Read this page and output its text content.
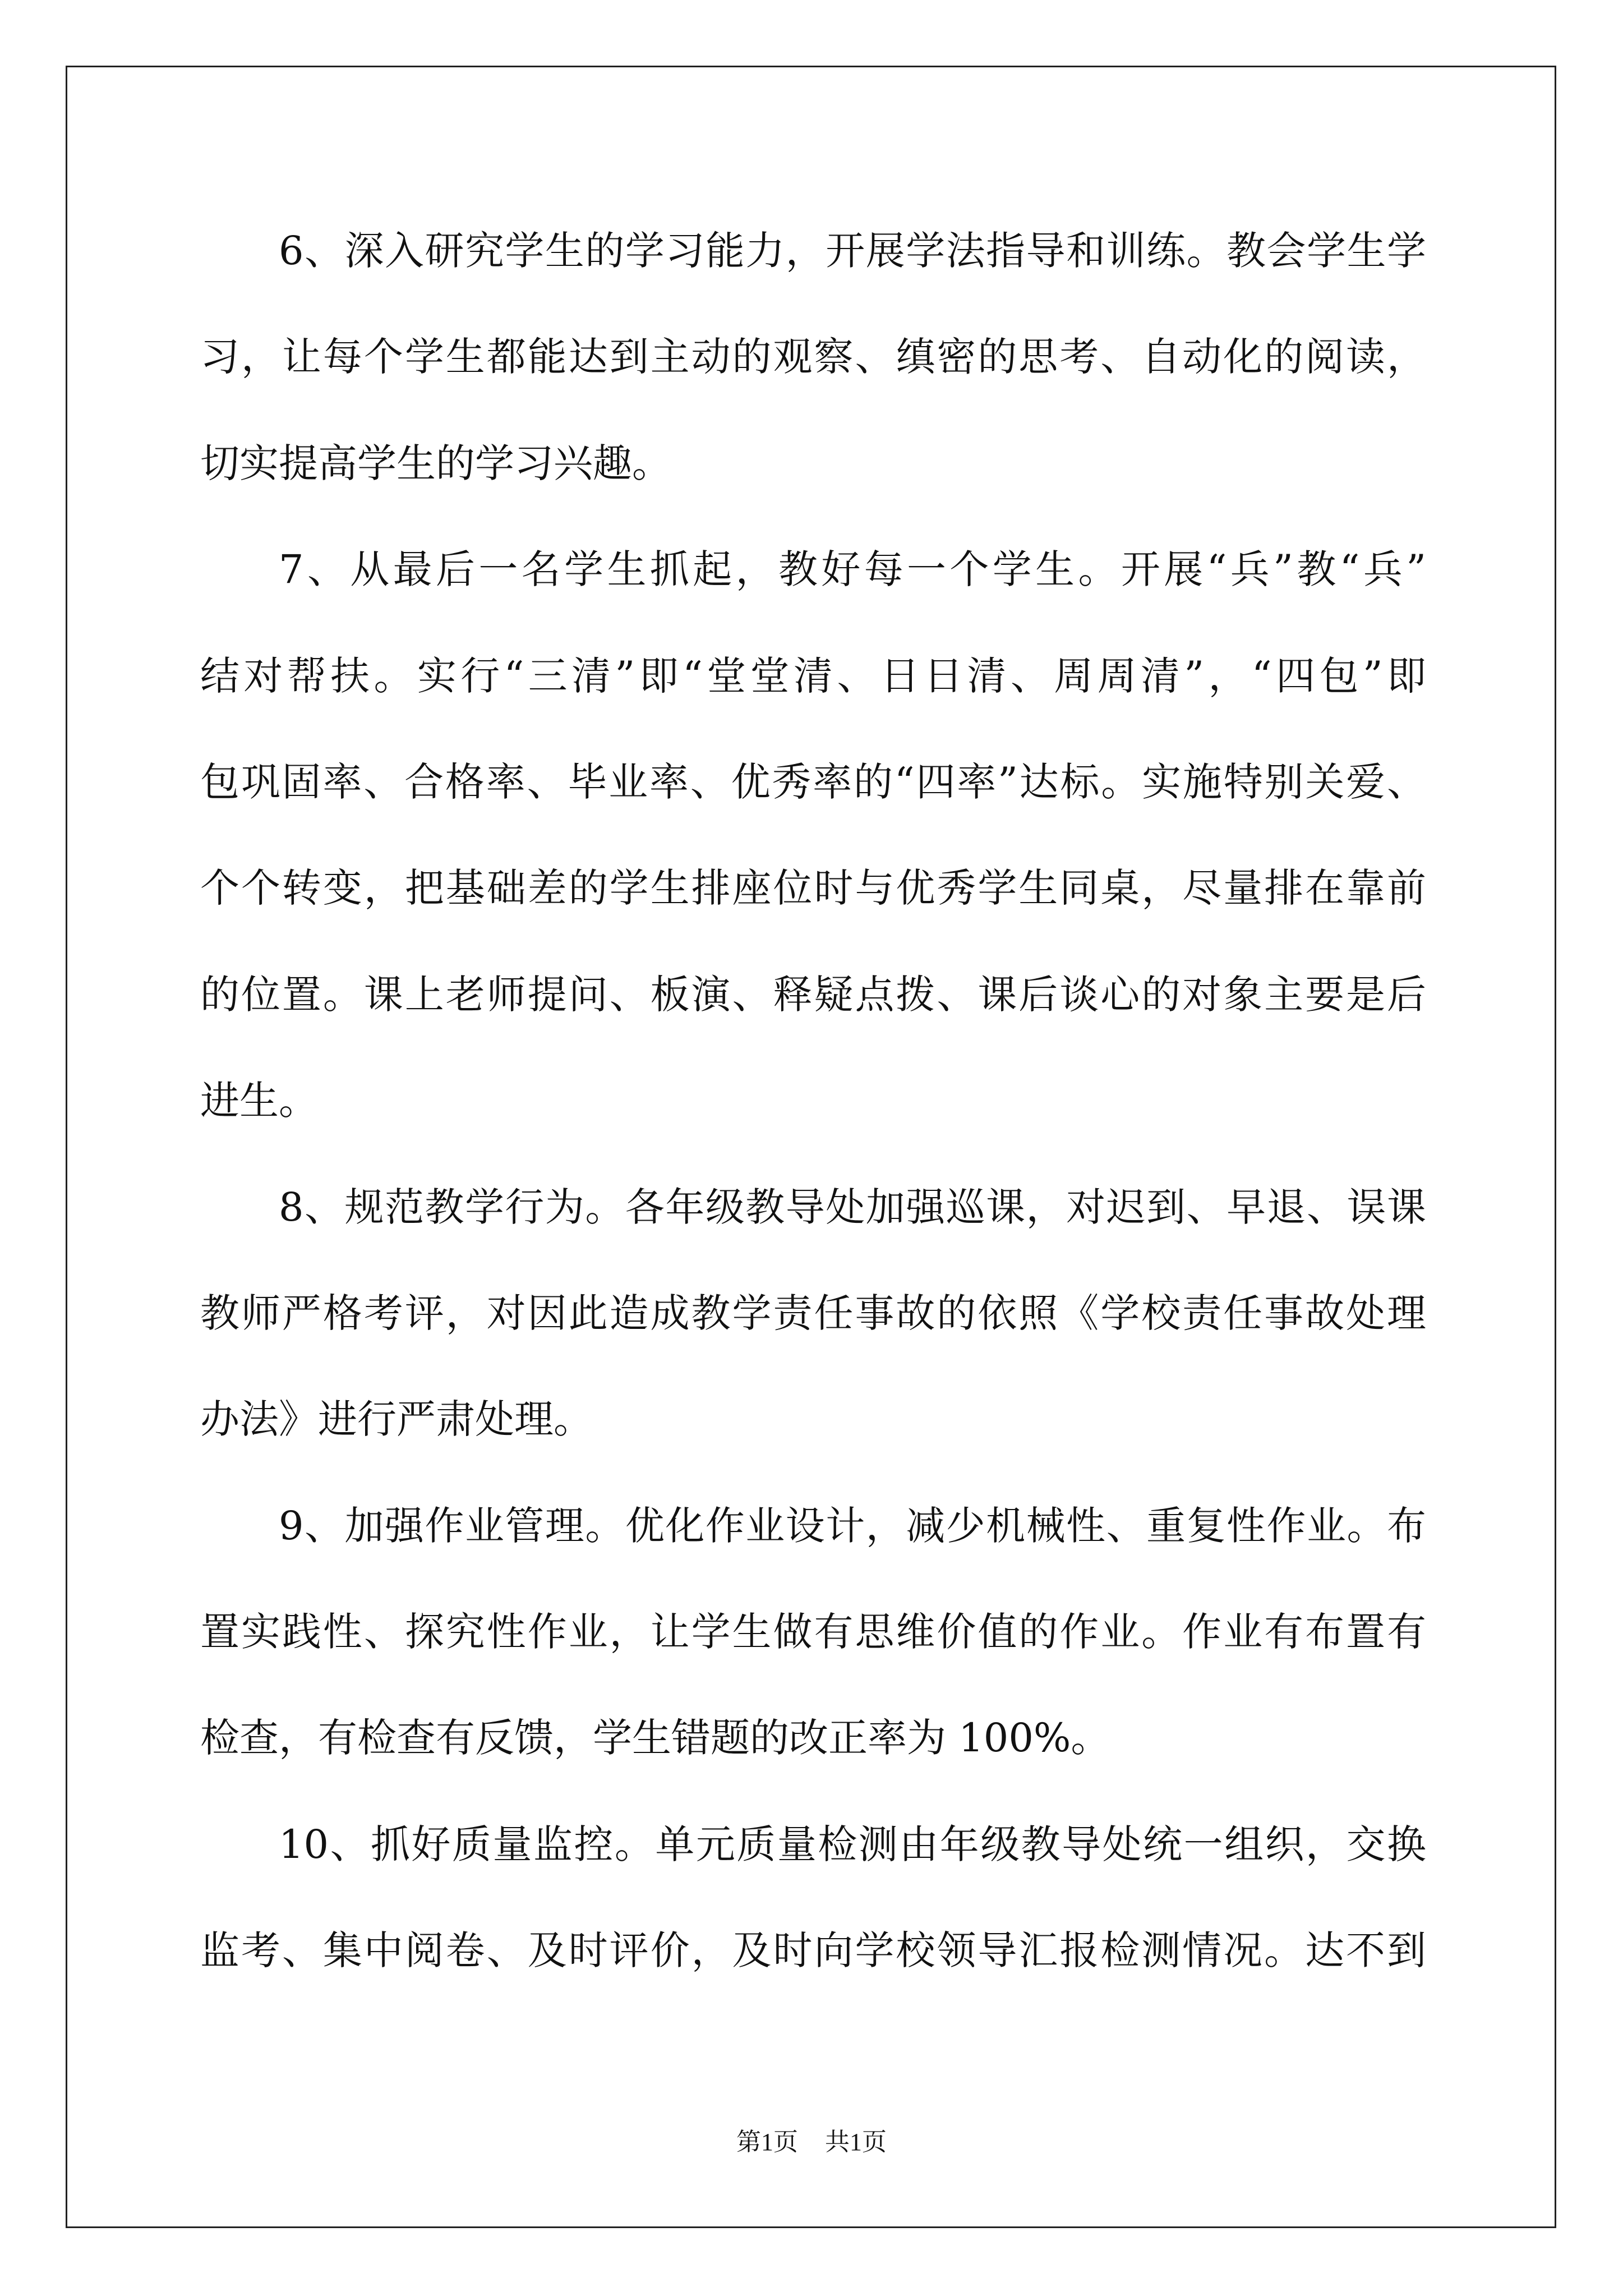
6、深入研究学生的学习能力，开展学法指导和训练。教会学生学
习，让每个学生都能达到主动的观察、缜密的思考、自动化的阅读，
切实提高学生的学习兴趣。
7、从最后一名学生抓起，教好每一个学生。开展“兵”教“兵”
结对帮扶。实行“三清”即“堂堂清、日日清、周周清”，“四包”即
包巩固率、合格率、毕业率、优秀率的“四率”达标。实施特别关爱、
个个转变，把基础差的学生排座位时与优秀学生同桌，尽量排在靠前
的位置。课上老师提问、板演、释疑点拨、课后谈心的对象主要是后
进生。
8、规范教学行为。各年级教导处加强巡课，对迟到、早退、误课
教师严格考评，对因此造成教学责任事故的依照《学校责任事故处理
办法》进行严肃处理。
9、加强作业管理。优化作业设计，减少机械性、重复性作业。布
置实践性、探究性作业，让学生做有思维价值的作业。作业有布置有
检查，有检查有反馈，学生错题的改正率为 100%。
10、抓好质量监控。单元质量检测由年级教导处统一组织，交换
监考、集中阅卷、及时评价，及时向学校领导汇报检测情况。达不到
第1页 共1页
